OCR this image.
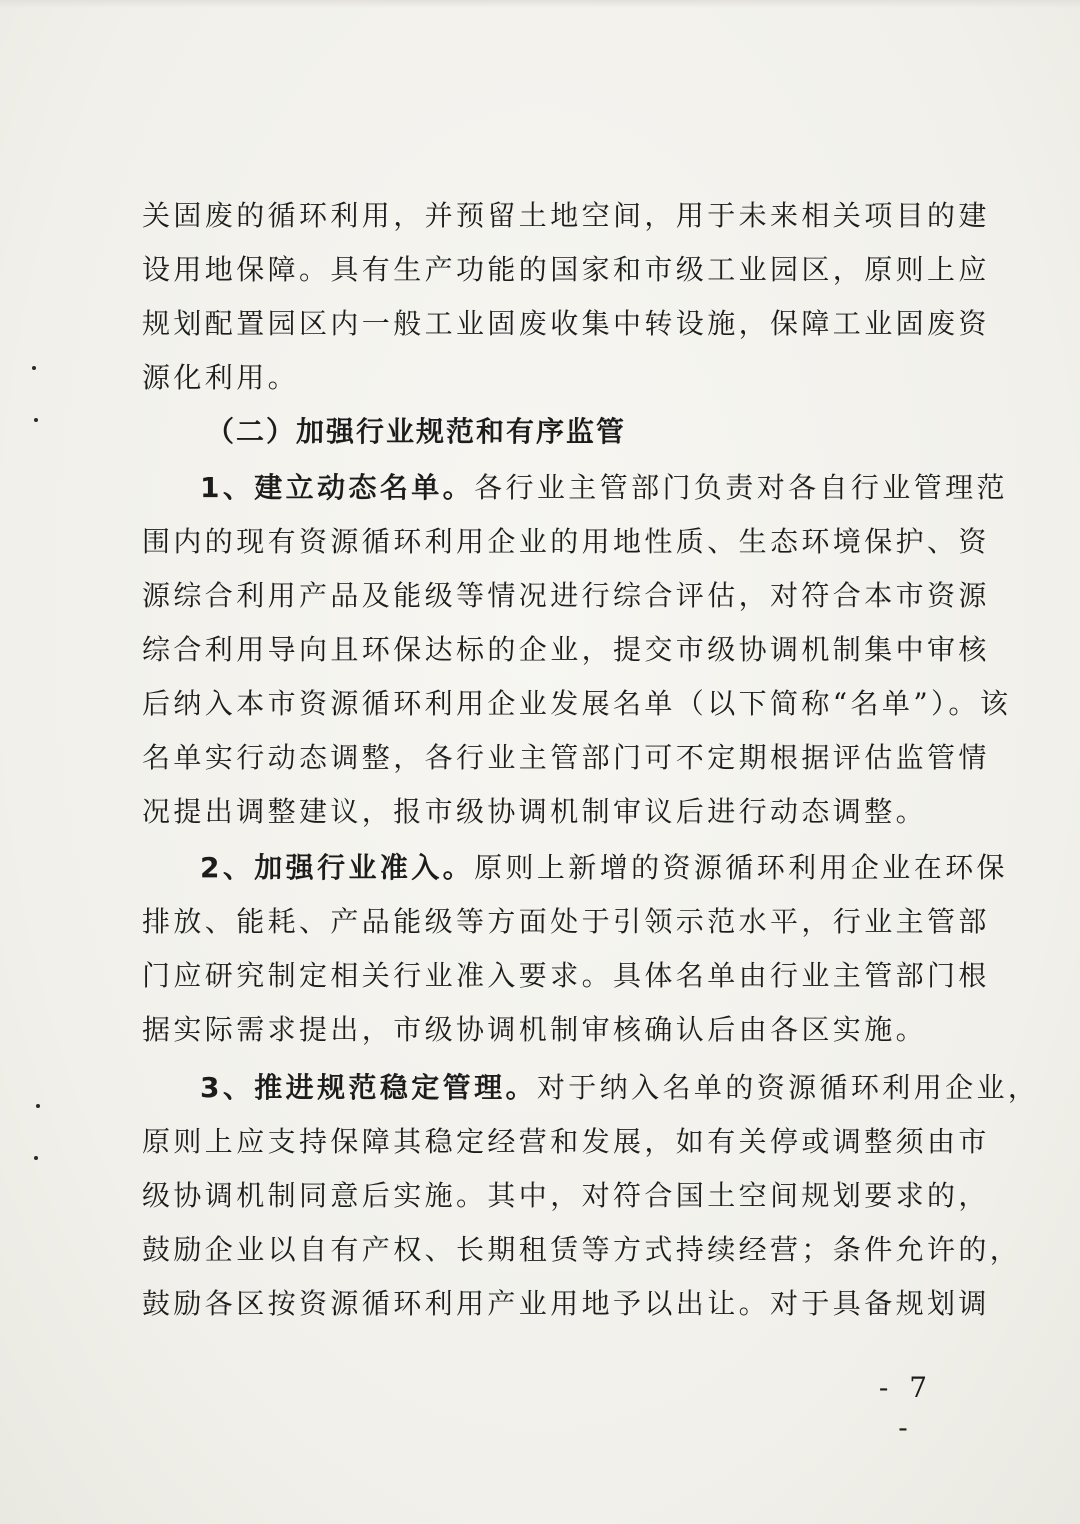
关固废的循环利用，并预留土地空间，用于未来相关项目的建
设用地保障。具有生产功能的国家和市级工业园区，原则上应
规划配置园区内一般工业固废收集中转设施，保障工业固废资
源化利用。
（二）加强行业规范和有序监管
1、建立动态名单。各行业主管部门负责对各自行业管理范
围内的现有资源循环利用企业的用地性质、生态环境保护、资
源综合利用产品及能级等情况进行综合评估，对符合本市资源
综合利用导向且环保达标的企业，提交市级协调机制集中审核
后纳入本市资源循环利用企业发展名单（以下简称“名单”）。该
名单实行动态调整，各行业主管部门可不定期根据评估监管情
况提出调整建议，报市级协调机制审议后进行动态调整。
2、加强行业准入。原则上新增的资源循环利用企业在环保
排放、能耗、产品能级等方面处于引领示范水平，行业主管部
门应研究制定相关行业准入要求。具体名单由行业主管部门根
据实际需求提出，市级协调机制审核确认后由各区实施。
3、推进规范稳定管理。对于纳入名单的资源循环利用企业，
原则上应支持保障其稳定经营和发展，如有关停或调整须由市
级协调机制同意后实施。其中，对符合国土空间规划要求的，
鼓励企业以自有产权、长期租赁等方式持续经营；条件允许的，
鼓励各区按资源循环利用产业用地予以出让。对于具备规划调
- 7 -
